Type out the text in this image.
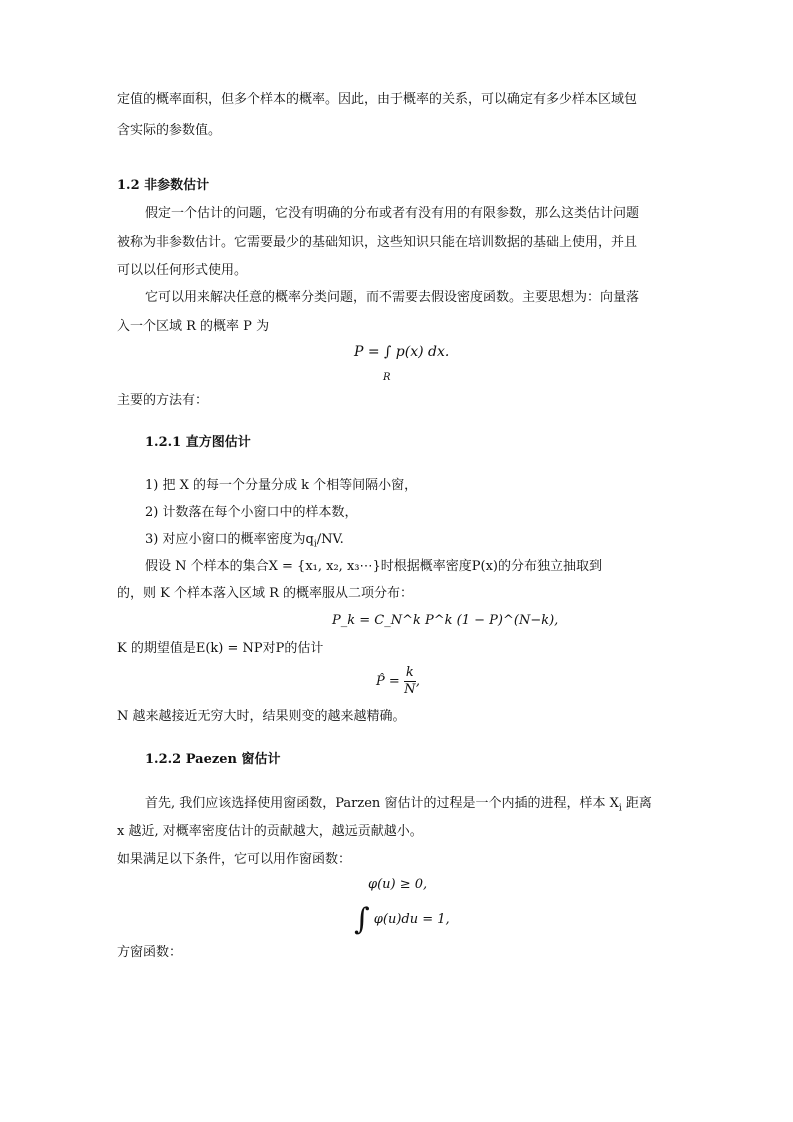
定值的概率面积，但多个样本的概率。因此，由于概率的关系，可以确定有多少样本区域包
含实际的参数值。
1.2 非参数估计
假定一个估计的问题，它没有明确的分布或者有没有用的有限参数，那么这类估计问题
被称为非参数估计。它需要最少的基础知识，这些知识只能在培训数据的基础上使用，并且
可以以任何形式使用。
它可以用来解决任意的概率分类问题，而不需要去假设密度函数。主要思想为：向量落
入一个区域 R 的概率 P 为
P = ∫ p(x) dx.
R
主要的方法有：
1.2.1 直方图估计
1) 把 X 的每一个分量分成 k 个相等间隔小窗，
2) 计数落在每个小窗口中的样本数，
3) 对应小窗口的概率密度为$q_i/NV$.
假设 N 个样本的集合X = {x₁, x₂, x₃⋯}时根据概率密度P(x)的分布独立抽取到
的，则 K 个样本落入区域 R 的概率服从二项分布：
P_k = C_N^k P^k (1 − P)^(N−k),
K 的期望值是E(k) = NP对P的估计
P̂ = $\frac{k}{N}$ ,
N 越来越接近无穷大时，结果则变的越来越精确。
1.2.2 Paezen 窗估计
首先, 我们应该选择使用窗函数，Parzen 窗估计的过程是一个内插的进程，样本 $X_i$ 距离
x 越近, 对概率密度估计的贡献越大，越远贡献越小。
如果满足以下条件，它可以用作窗函数：
φ(u) ≥ 0,
∫ φ(u)du = 1,
方窗函数：
